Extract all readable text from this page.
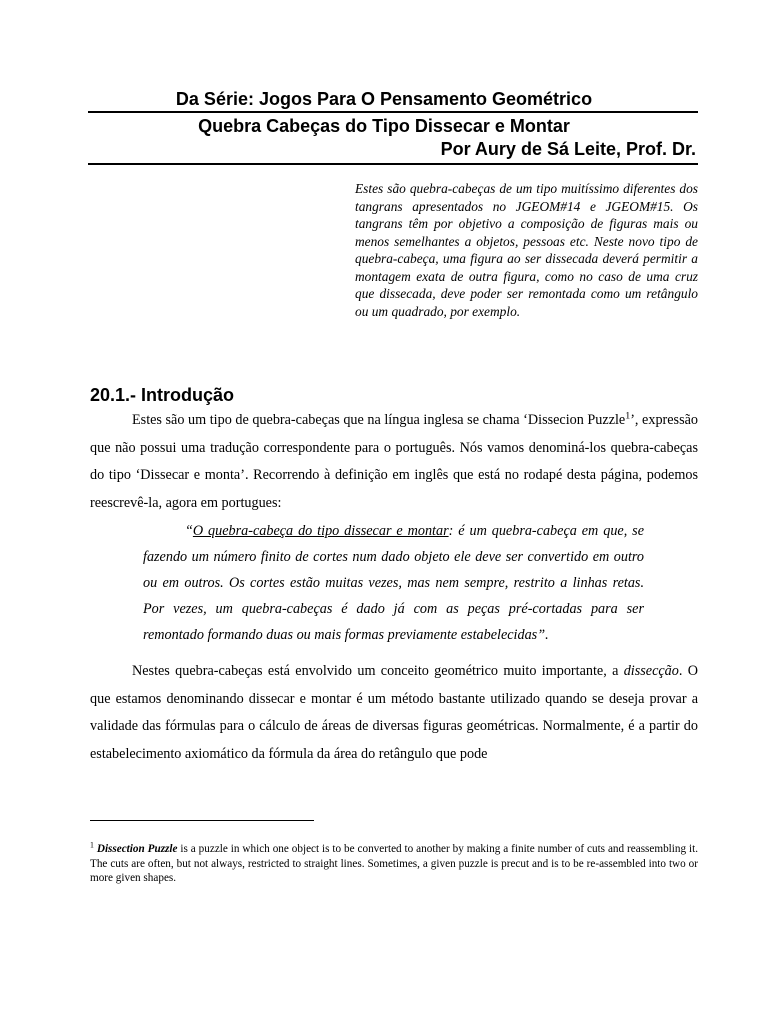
Da Série: Jogos Para O Pensamento Geométrico
Quebra Cabeças do Tipo Dissecar e Montar
Por Aury de Sá Leite, Prof. Dr.
Estes são quebra-cabeças de um tipo muitíssimo diferentes dos tangrans apresentados no JGEOM#14 e JGEOM#15. Os tangrans têm por objetivo a composição de figuras mais ou menos semelhantes a objetos, pessoas etc. Neste novo tipo de quebra-cabeça, uma figura ao ser dissecada deverá permitir a montagem exata de outra figura, como no caso de uma cruz que dissecada, deve poder ser remontada como um retângulo ou um quadrado, por exemplo.
20.1.- Introdução
Estes são um tipo de quebra-cabeças que na língua inglesa se chama ‘Dissecion Puzzle$^1$’, expressão que não possui uma tradução correspondente para o português. Nós vamos denominá-los quebra-cabeças do tipo ‘Dissecar e monta’. Recorrendo à definição em inglês que está no rodapé desta página, podemos reescrevê-la, agora em portugues:
“O quebra-cabeça do tipo dissecar e montar: é um quebra-cabeça em que, se fazendo um número finito de cortes num dado objeto ele deve ser convertido em outro ou em outros. Os cortes estão muitas vezes, mas nem sempre, restrito a linhas retas. Por vezes, um quebra-cabeças é dado já com as peças pré-cortadas para ser remontado formando duas ou mais formas previamente estabelecidas”.
Nestes quebra-cabeças está envolvido um conceito geométrico muito importante, a dissecção. O que estamos denominando dissecar e montar é um método bastante utilizado quando se deseja provar a validade das fórmulas para o cálculo de áreas de diversas figuras geométricas. Normalmente, é a partir do estabelecimento axiomático da fórmula da área do retângulo que pode
$^1$ Dissection Puzzle is a puzzle in which one object is to be converted to another by making a finite number of cuts and reassembling it. The cuts are often, but not always, restricted to straight lines. Sometimes, a given puzzle is precut and is to be re-assembled into two or more given shapes.
